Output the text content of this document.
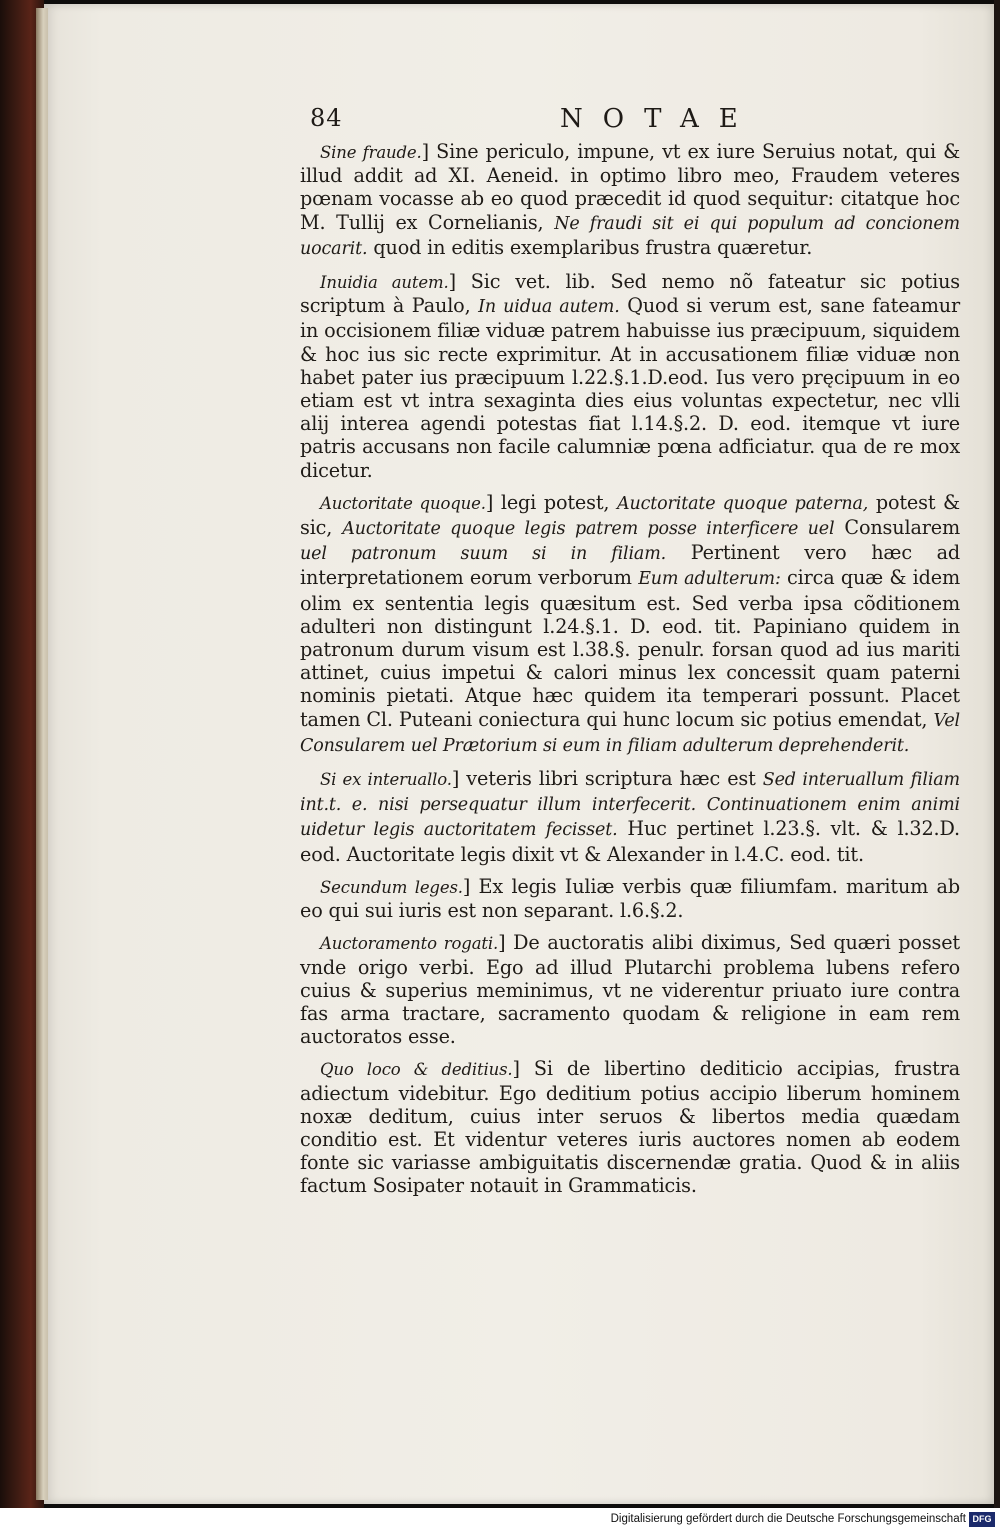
84	NOTAE

Sine fraude.] Sine periculo, impune, vt ex iure Seruius notat, qui & illud addit ad XI. Aeneid. in optimo libro meo, Fraudem veteres pœnam vocasse ab eo quod præcedit id quod sequitur: citatque hoc M. Tullij ex Cornelianis, Ne fraudi sit ei qui populum ad concionem uocarit. quod in editis exemplaribus frustra quæretur.

Inuidia autem.] Sic vet. lib. Sed nemo nõ fateatur sic potius scriptum à Paulo, In uidua autem. Quod si verum est, sane fateamur in occisionem filiæ viduæ patrem habuisse ius præcipuum, siquidem & hoc ius sic recte exprimitur. At in accusationem filiæ viduæ non habet pater ius præcipuum l.22.§.1.D.eod. Ius vero pręcipuum in eo etiam est vt intra sexaginta dies eius voluntas expectetur, nec vlli alij interea agendi potestas fiat l.14.§.2. D. eod. itemque vt iure patris accusans non facile calumniæ pœna adficiatur. qua de re mox dicetur.

Auctoritate quoque.] legi potest, Auctoritate quoque paterna, potest & sic, Auctoritate quoque legis patrem posse interficere uel Consularem uel patronum suum si in filiam. Pertinent vero hæc ad interpretationem eorum verborum Eum adulterum: circa quæ & idem olim ex sententia legis quæsitum est. Sed verba ipsa cõditionem adulteri non distingunt l.24.§.1. D. eod. tit. Papiniano quidem in patronum durum visum est l.38.§. penulr. forsan quod ad ius mariti attinet, cuius impetui & calori minus lex concessit quam paterni nominis pietati. Atque hæc quidem ita temperari possunt. Placet tamen Cl. Puteani coniectura qui hunc locum sic potius emendat, Vel Consularem uel Prætorium si eum in filiam adulterum deprehenderit.

Si ex interuallo.] veteris libri scriptura hæc est Sed interuallum filiam int.t. e. nisi persequatur illum interfecerit. Continuationem enim animi uidetur legis auctoritatem fecisset. Huc pertinet l.23.§. vlt. & l.32.D. eod. Auctoritate legis dixit vt & Alexander in l.4.C. eod. tit.

Secundum leges.] Ex legis Iuliæ verbis quæ filiumfam. maritum ab eo qui sui iuris est non separant. l.6.§.2.

Auctoramento rogati.] De auctoratis alibi diximus, Sed quæri posset vnde origo verbi. Ego ad illud Plutarchi problema lubens refero cuius & superius meminimus, vt ne viderentur priuato iure contra fas arma tractare, sacramento quodam & religione in eam rem auctoratos esse.

Quo loco & deditius.] Si de libertino dediticio accipias, frustra adiectum videbitur. Ego deditium potius accipio liberum hominem noxæ deditum, cuius inter seruos & libertos media quædam conditio est. Et videntur veteres iuris auctores nomen ab eodem fonte sic variasse ambiguitatis discernendæ gratia. Quod & in aliis factum Sosipater notauit in Grammaticis.

Digitalisierung gefördert durch die Deutsche Forschungsgemeinschaft DFG
